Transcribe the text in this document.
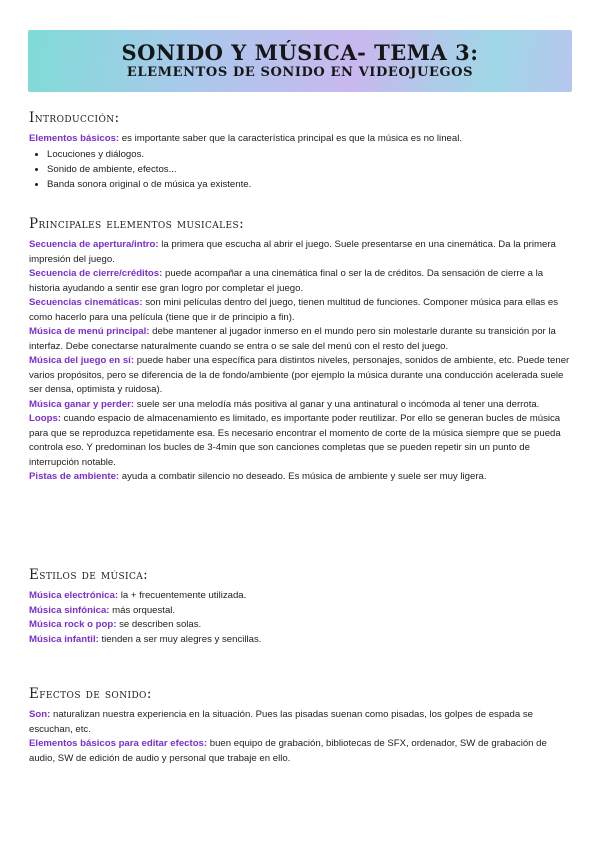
SONIDO Y MÚSICA- TEMA 3:
ELEMENTOS DE SONIDO EN VIDEOJUEGOS
Introducción:

Elementos básicos: es importante saber que la característica principal es que la música es no lineal.

• Locuciones y diálogos.
• Sonido de ambiente, efectos...
• Banda sonora original o de música ya existente.
Principales elementos musicales:

Secuencia de apertura/intro: la primera que escucha al abrir el juego. Suele presentarse en una cinemática. Da la primera impresión del juego.

Secuencia de cierre/créditos: puede acompañar a una cinemática final o ser la de créditos. Da sensación de cierre a la historia ayudando a sentir ese gran logro por completar el juego.

Secuencias cinemáticas: son mini películas dentro del juego, tienen multitud de funciones. Componer música para ellas es como hacerlo para una película (tiene que ir de principio a fin).

Música de menú principal: debe mantener al jugador inmerso en el mundo pero sin molestarle durante su transición por la interfaz. Debe conectarse naturalmente cuando se entra o se sale del menú con el resto del juego.

Música del juego en sí: puede haber una específica para distintos niveles, personajes, sonidos de ambiente, etc. Puede tener varios propósitos, pero se diferencia de la de fondo/ambiente (por ejemplo la música durante una conducción acelerada suele ser densa, optimista y ruidosa).

Música ganar y perder: suele ser una melodía más positiva al ganar y una antinatural o incómoda al tener una derrota.

Loops: cuando espacio de almacenamiento es limitado, es importante poder reutilizar. Por ello se generan bucles de música para que se reproduzca repetidamente esa. Es necesario encontrar el momento de corte de la música siempre que se pueda controla eso. Y predominan los bucles de 3-4min que son canciones completas que se pueden repetir sin un punto de interrupción notable.

Pistas de ambiente: ayuda a combatir silencio no deseado. Es música de ambiente y suele ser muy ligera.

Estilos de música:

Música electrónica: la + frecuentemente utilizada.

Música sinfónica: más orquestal.

Música rock o pop: se describen solas.

Música infantil: tienden a ser muy alegres y sencillas.

Efectos de sonido:

Son: naturalizan nuestra experiencia en la situación. Pues las pisadas suenan como pisadas, los golpes de espada se escuchan, etc.

Elementos básicos para editar efectos: buen equipo de grabación, bibliotecas de SFX, ordenador, SW de grabación de audio, SW de edición de audio y personal que trabaje en ello.
